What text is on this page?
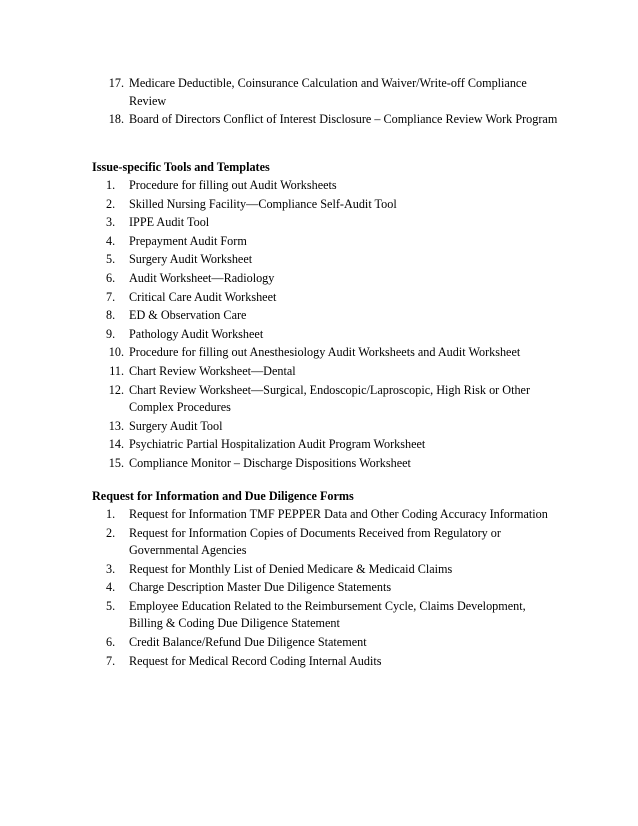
17. Medicare Deductible, Coinsurance Calculation and Waiver/Write-off Compliance Review
18. Board of Directors Conflict of Interest Disclosure – Compliance Review Work Program
Issue-specific Tools and Templates
1.	Procedure for filling out Audit Worksheets
2.	Skilled Nursing Facility—Compliance Self-Audit Tool
3.	IPPE Audit Tool
4.	Prepayment Audit Form
5.	Surgery Audit Worksheet
6.	Audit Worksheet—Radiology
7.	Critical Care Audit Worksheet
8.	ED & Observation Care
9.	Pathology Audit Worksheet
10. Procedure for filling out Anesthesiology Audit Worksheets and Audit Worksheet
11. Chart Review Worksheet—Dental
12. Chart Review Worksheet—Surgical, Endoscopic/Laproscopic, High Risk or Other Complex Procedures
13. Surgery Audit Tool
14. Psychiatric Partial Hospitalization Audit Program Worksheet
15. Compliance Monitor – Discharge Dispositions Worksheet
Request for Information and Due Diligence Forms
1.	Request for Information TMF PEPPER Data and Other Coding Accuracy Information
2.	Request for Information Copies of Documents Received from Regulatory or Governmental Agencies
3.	Request for Monthly List of Denied Medicare & Medicaid Claims
4.	Charge Description Master Due Diligence Statements
5.	Employee Education Related to the Reimbursement Cycle, Claims Development, Billing & Coding Due Diligence Statement
6.	Credit Balance/Refund Due Diligence Statement
7.	Request for Medical Record Coding Internal Audits
